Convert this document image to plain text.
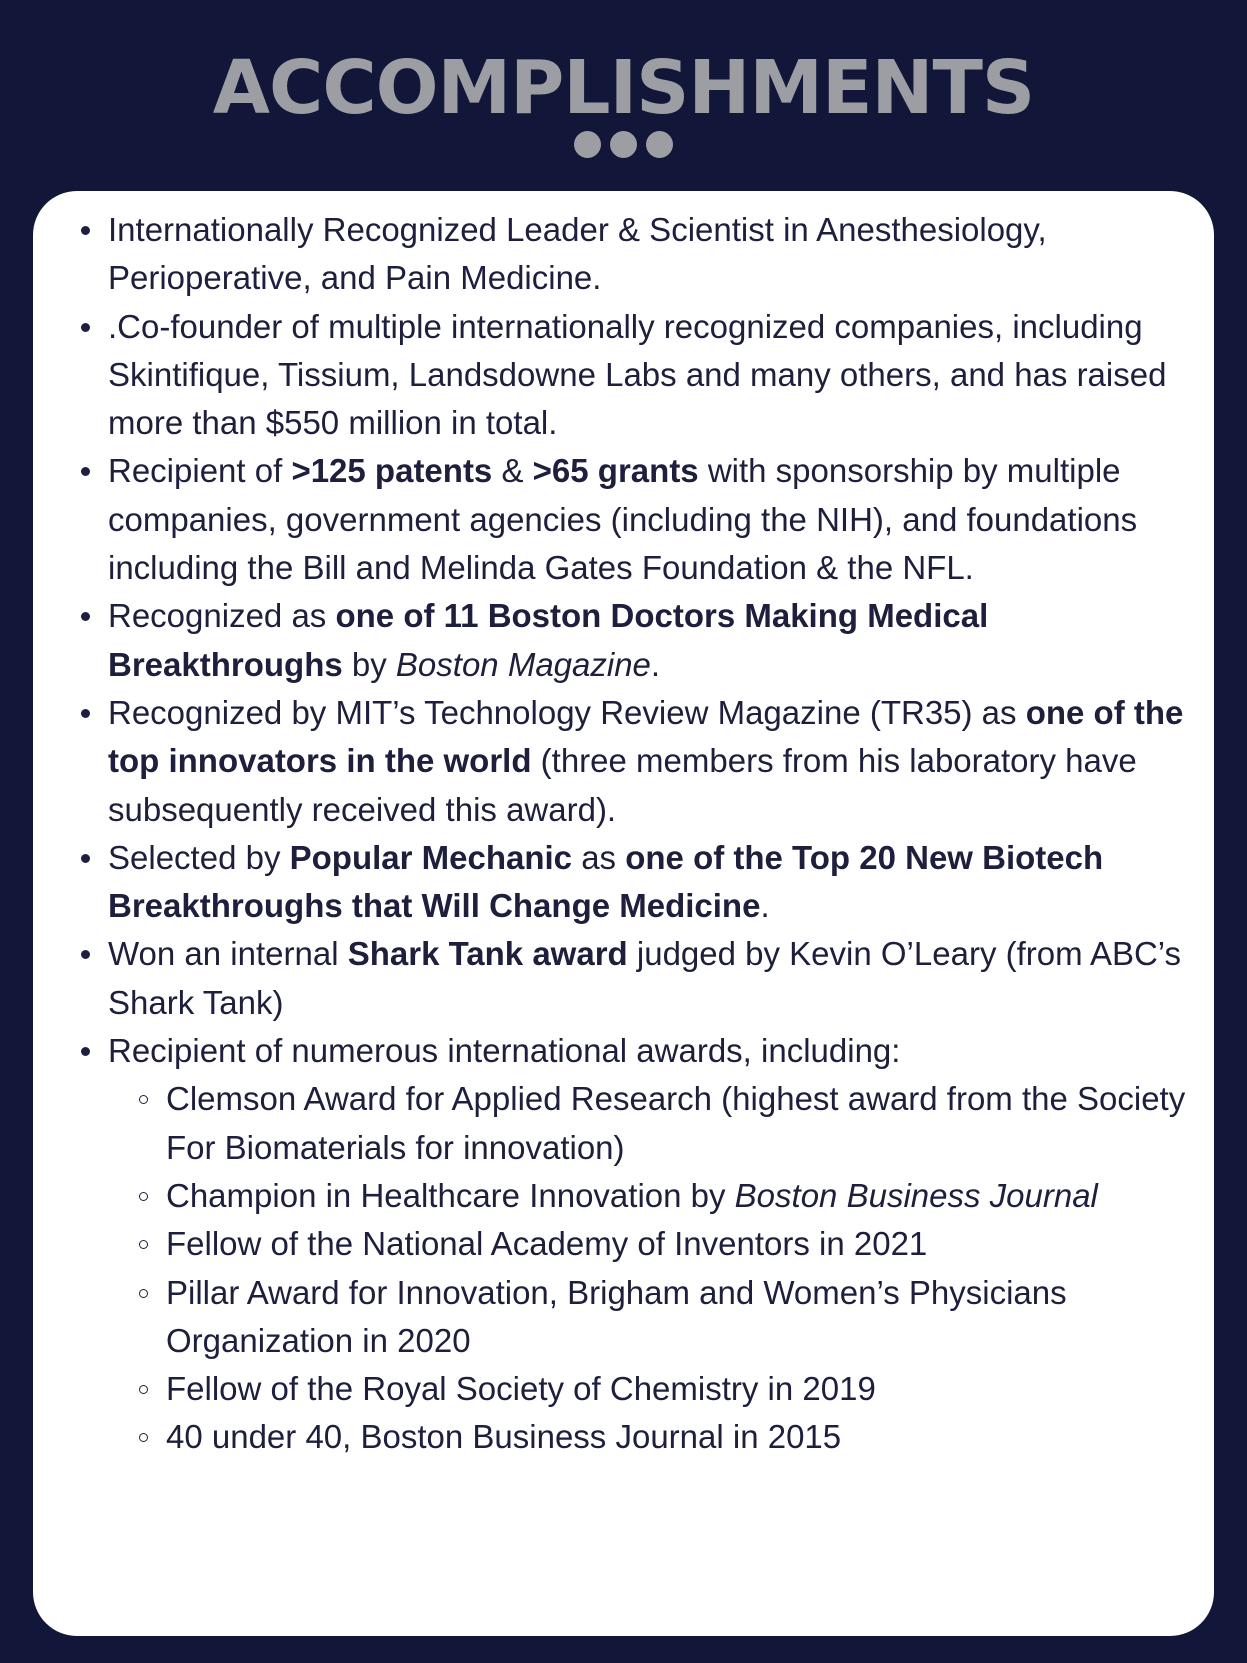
ACCOMPLISHMENTS
Internationally Recognized Leader & Scientist in Anesthesiology, Perioperative, and Pain Medicine.
.Co-founder of multiple internationally recognized companies, including Skintifique, Tissium, Landsdowne Labs and many others, and has raised more than $550 million in total.
Recipient of >125 patents & >65 grants with sponsorship by multiple companies, government agencies (including the NIH), and foundations including the Bill and Melinda Gates Foundation & the NFL.
Recognized as one of 11 Boston Doctors Making Medical Breakthroughs by Boston Magazine.
Recognized by MIT’s Technology Review Magazine (TR35) as one of the top innovators in the world (three members from his laboratory have subsequently received this award).
Selected by Popular Mechanic as one of the Top 20 New Biotech Breakthroughs that Will Change Medicine.
Won an internal Shark Tank award judged by Kevin O’Leary (from ABC’s Shark Tank)
Recipient of numerous international awards, including:
Clemson Award for Applied Research (highest award from the Society For Biomaterials for innovation)
Champion in Healthcare Innovation by Boston Business Journal
Fellow of the National Academy of Inventors in 2021
Pillar Award for Innovation, Brigham and Women’s Physicians Organization in 2020
Fellow of the Royal Society of Chemistry in 2019
40 under 40, Boston Business Journal in 2015
